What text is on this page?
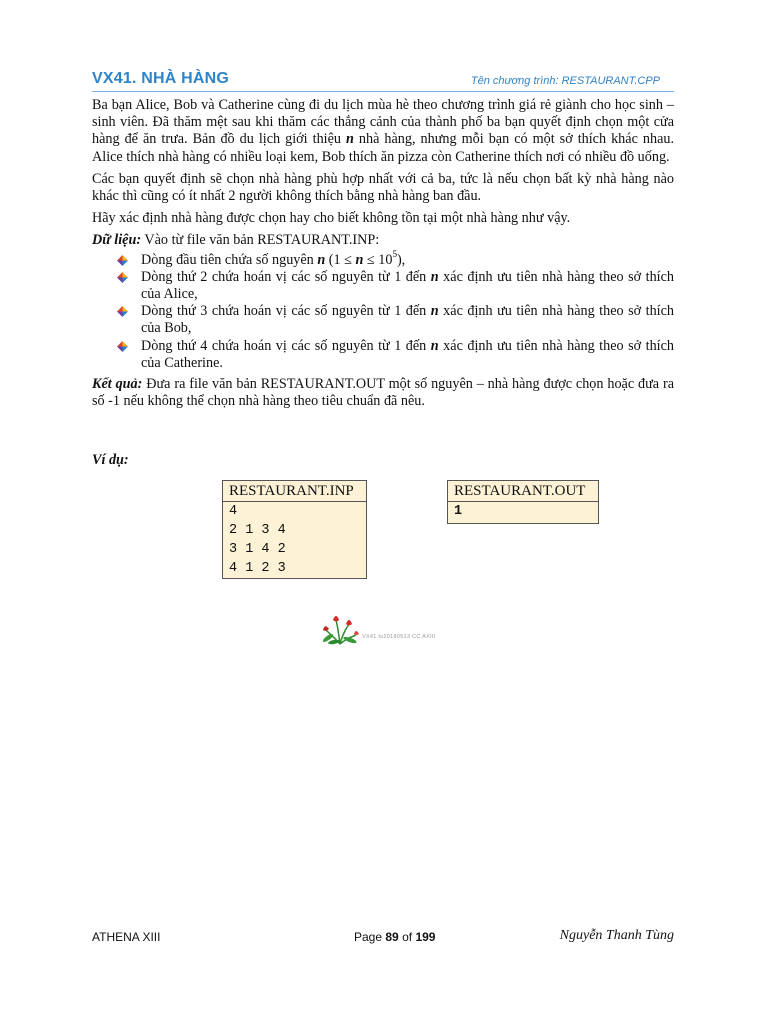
VX41. NHÀ HÀNG	Tên chương trình: RESTAURANT.CPP

Ba bạn Alice, Bob và Catherine cùng đi du lịch mùa hè theo chương trình giá rẻ giành cho học sinh – sinh viên. Đã thăm mệt sau khi thăm các thắng cảnh của thành phố ba bạn quyết định chọn một cửa hàng để ăn trưa. Bản đồ du lịch giới thiệu n nhà hàng, nhưng mỗi bạn có một sở thích khác nhau. Alice thích nhà hàng có nhiều loại kem, Bob thích ăn pizza còn Catherine thích nơi có nhiều đồ uống.

Các bạn quyết định sẽ chọn nhà hàng phù hợp nhất với cả ba, tức là nếu chọn bất kỳ nhà hàng nào khác thì cũng có ít nhất 2 người không thích bằng nhà hàng ban đầu.

Hãy xác định nhà hàng được chọn hay cho biết không tồn tại một nhà hàng như vậy.

Dữ liệu: Vào từ file văn bản RESTAURANT.INP:

Dòng đầu tiên chứa số nguyên n $(1 \le n \le 10^5)$,
Dòng thứ 2 chứa hoán vị các số nguyên từ 1 đến n xác định ưu tiên nhà hàng theo sở thích của Alice,
Dòng thứ 3 chứa hoán vị các số nguyên từ 1 đến n xác định ưu tiên nhà hàng theo sở thích của Bob,
Dòng thứ 4 chứa hoán vị các số nguyên từ 1 đến n xác định ưu tiên nhà hàng theo sở thích của Catherine.

Kết quả: Đưa ra file văn bản RESTAURANT.OUT một số nguyên – nhà hàng được chọn hoặc đưa ra số -1 nếu không thể chọn nhà hàng theo tiêu chuẩn đã nêu.

Ví dụ:
RESTAURANT.INP
4
2 1 3 4
3 1 4 2
4 1 2 3
RESTAURANT.OUT
1
VX41 lo20180513 CC AXIII
ATHENA XIII	Page 89 of 199	Nguyễn Thanh Tùng
